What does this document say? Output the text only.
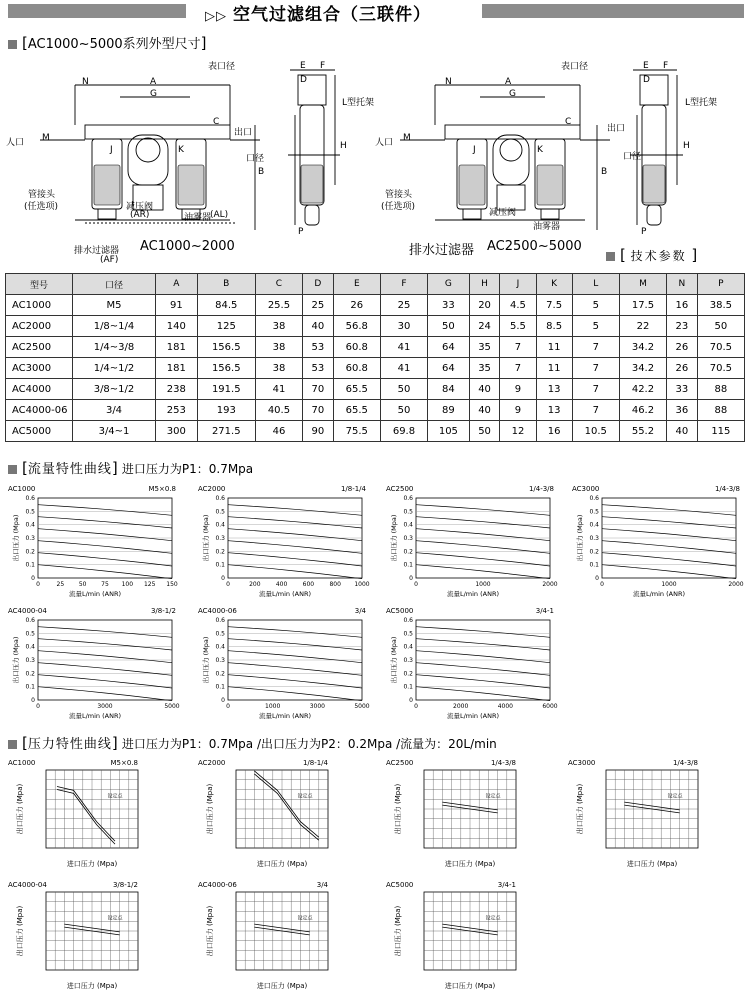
▷▷ 空气过滤组合（三联件）
[AC1000~5000系列外型尺寸]
N	A
G
C
B
M
J	K
E F
D
H
P
表口径
L型托架
人口
出口
口径
管接头
(任选项)	减压阀
(AR)	油雾器
(AL)
排水过滤器
(AF)
AC1000~2000
N	A
G
C
B
M
J	K
E F
D
H
P
表口径
L型托架
出口
人口
口径
管接头
(任选项)
减压阀
油雾器
排水过滤器 AC2500~5000	[ 技术参数 ]
型号	口径	A	B	C	D	E	F	G	H	J	K	L	M	N	P
AC1000	M5	91	84.5	25.5	25	26	25	33	20	4.5	7.5	5	17.5	16	38.5
AC2000	1/8~1/4	140	125	38	40	56.8	30	50	24	5.5	8.5	5	22	23	50
AC2500	1/4~3/8	181	156.5	38	53	60.8	41	64	35	7	11	7	34.2	26	70.5
AC3000	1/4~1/2	181	156.5	38	53	60.8	41	64	35	7	11	7	34.2	26	70.5
AC4000	3/8~1/2	238	191.5	41	70	65.5	50	84	40	9	13	7	42.2	33	88
AC4000-06	3/4	253	193	40.5	70	65.5	50	89	40	9	13	7	46.2	36	88
AC5000	3/4~1	300	271.5	46	90	75.5	69.8	105	50	12	16	10.5	55.2	40	115
[流量特性曲线] 进口压力为P1：0.7Mpa
AC1000	M5×0.8
0.6
0.5
0.4
0.3
0.2
0.1
0
0	25 50 75 100 125 150
流量L/min (ANR)
出口压力 (Mpa)
AC2000	1/8-1/4
0.6
0.5
0.4
0.3
0.2
0.1
0
0	200	400	600	800 1000
流量L/min (ANR)
出口压力 (Mpa)
AC2500	1/4-3/8
0.6
0.5
0.4
0.3
0.2
0.1
0
0	1000	2000
流量L/min (ANR)
出口压力 (Mpa)
AC3000	1/4-3/8
0.6
0.5
0.4
0.3
0.2
0.1
0
0	1000	2000
流量L/min (ANR)
出口压力 (Mpa)
AC4000-04	3/8-1/2
0.6
0.5
0.4
0.3
0.2
0.1
0
0	3000	5000
流量L/min (ANR)
出口压力 (Mpa)
AC4000-06	3/4
0.6
0.5
0.4
0.3
0.2
0.1
0
0	1000	3000	5000
流量L/min (ANR)
出口压力 (Mpa)
AC5000	3/4-1
0.6
0.5
0.4
0.3
0.2
0.1
0
0	2000	4000	6000
流量L/min (ANR)
出口压力 (Mpa)
[压力特性曲线] 进口压力为P1：0.7Mpa /出口压力为P2：0.2Mpa /流量为：20L/min
AC1000	M5×0.8
进口压力 (Mpa)
出口压力 (Mpa)	设定点
AC2000	1/8-1/4
进口压力 (Mpa)
出口压力 (Mpa)	设定点
AC2500	1/4-3/8
进口压力 (Mpa)
出口压力 (Mpa)	设定点
AC3000	1/4-3/8
进口压力 (Mpa)
出口压力 (Mpa)	设定点
AC4000-04	3/8-1/2
进口压力 (Mpa)
出口压力 (Mpa)	设定点
AC4000-06	3/4
进口压力 (Mpa)
出口压力 (Mpa)	设定点
AC5000	3/4-1
进口压力 (Mpa)
出口压力 (Mpa)	设定点
